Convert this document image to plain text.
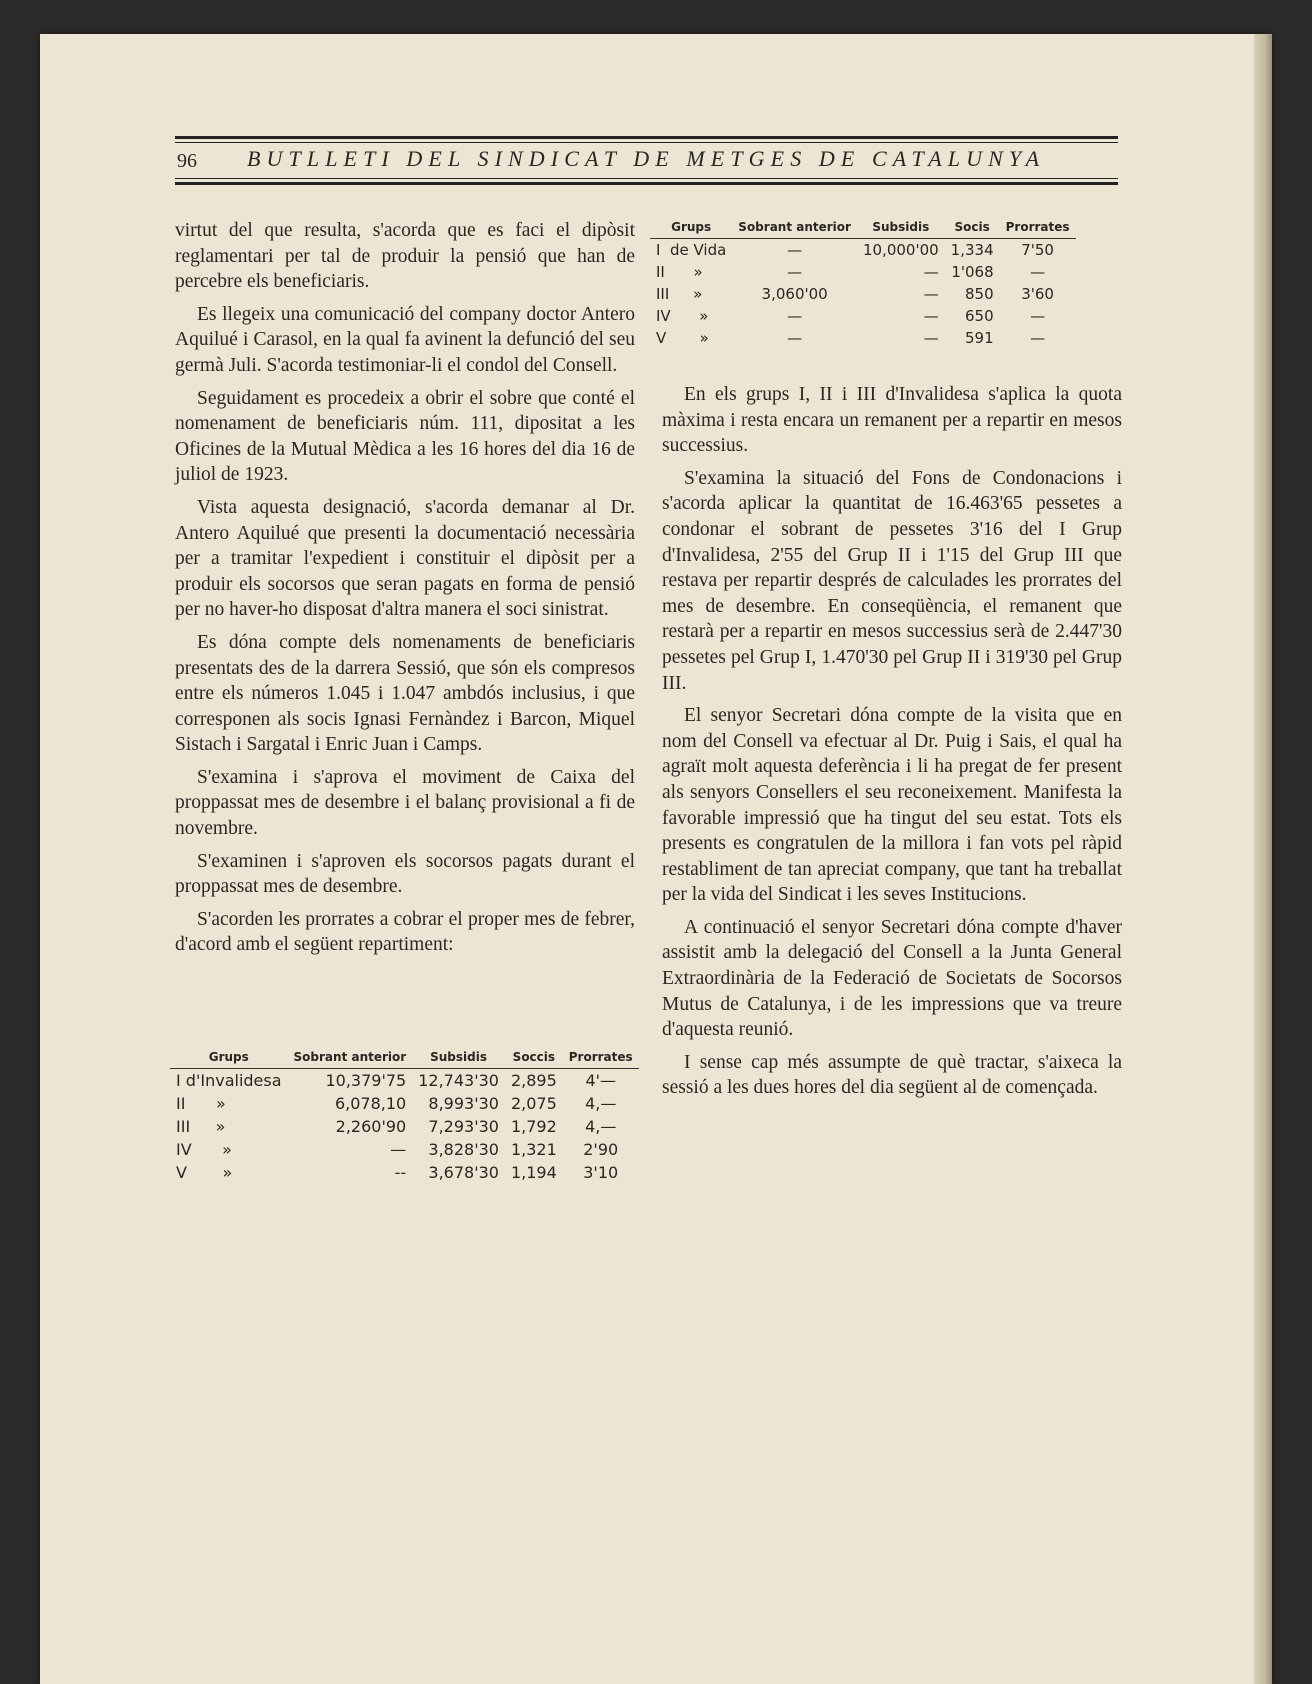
96 BUTLLETI DEL SINDICAT DE METGES DE CATALUNYA

virtut del que resulta, s'acorda que es faci el dipòsit reglamentari per tal de produir la pensió que han de percebre els beneficiaris.

Es llegeix una comunicació del company doctor Antero Aquilué i Carasol, en la qual fa avinent la defunció del seu germà Juli. S'acorda testimoniar-li el condol del Consell.

Seguidament es procedeix a obrir el sobre que conté el nomenament de beneficiaris núm. 111, dipositat a les Oficines de la Mutual Mèdica a les 16 hores del dia 16 de juliol de 1923.

Vista aquesta designació, s'acorda demanar al Dr. Antero Aquilué que presenti la documentació necessària per a tramitar l'expedient i constituir el dipòsit per a produir els socorsos que seran pagats en forma de pensió per no haver-ho disposat d'altra manera el soci sinistrat.

Es dóna compte dels nomenaments de beneficiaris presentats des de la darrera Sessió, que són els compresos entre els números 1.045 i 1.047 ambdós inclusius, i que corresponen als socis Ignasi Fernàndez i Barcon, Miquel Sistach i Sargatal i Enric Juan i Camps.

S'examina i s'aprova el moviment de Caixa del proppassat mes de desembre i el balanç provisional a fi de novembre.

S'examinen i s'aproven els socorsos pagats durant el proppassat mes de desembre.

S'acorden les prorrates a cobrar el proper mes de febrer, d'acord amb el següent repartiment:

Grups	Sobrant anterior	Subsidis	Soccis	Prorrates
I d'Invalidesa	10,379'75	12,743'30	2,895	4'—
II      »	6,078,10	8,993'30	2,075	4,—
III     »	2,260'90	7,293'30	1,792	4,—
IV      »	—	3,828'30	1,321	2'90
V       »	--	3,678'30	1,194	3'10
Grups	Sobrant anterior	Subsidis	Socis	Prorrates
I  de Vida	—	10,000'00	1,334	7'50
II      »	—	—	1'068	—
III     »	3,060'00	—	850	3'60
IV      »	—	—	650	—
V       »	—	—	591	—

En els grups I, II i III d'Invalidesa s'aplica la quota màxima i resta encara un remanent per a repartir en mesos successius.

S'examina la situació del Fons de Condonacions i s'acorda aplicar la quantitat de 16.463'65 pessetes a condonar el sobrant de pessetes 3'16 del I Grup d'Invalidesa, 2'55 del Grup II i 1'15 del Grup III que restava per repartir després de calculades les prorrates del mes de desembre. En conseqüència, el remanent que restarà per a repartir en mesos successius serà de 2.447'30 pessetes pel Grup I, 1.470'30 pel Grup II i 319'30 pel Grup III.

El senyor Secretari dóna compte de la visita que en nom del Consell va efectuar al Dr. Puig i Sais, el qual ha agraït molt aquesta deferència i li ha pregat de fer present als senyors Consellers el seu reconeixement. Manifesta la favorable impressió que ha tingut del seu estat. Tots els presents es congratulen de la millora i fan vots pel ràpid restabliment de tan apreciat company, que tant ha treballat per la vida del Sindicat i les seves Institucions.

A continuació el senyor Secretari dóna compte d'haver assistit amb la delegació del Consell a la Junta General Extraordinària de la Federació de Societats de Socorsos Mutus de Catalunya, i de les impressions que va treure d'aquesta reunió.

I sense cap més assumpte de què tractar, s'aixeca la sessió a les dues hores del dia següent al de començada.
